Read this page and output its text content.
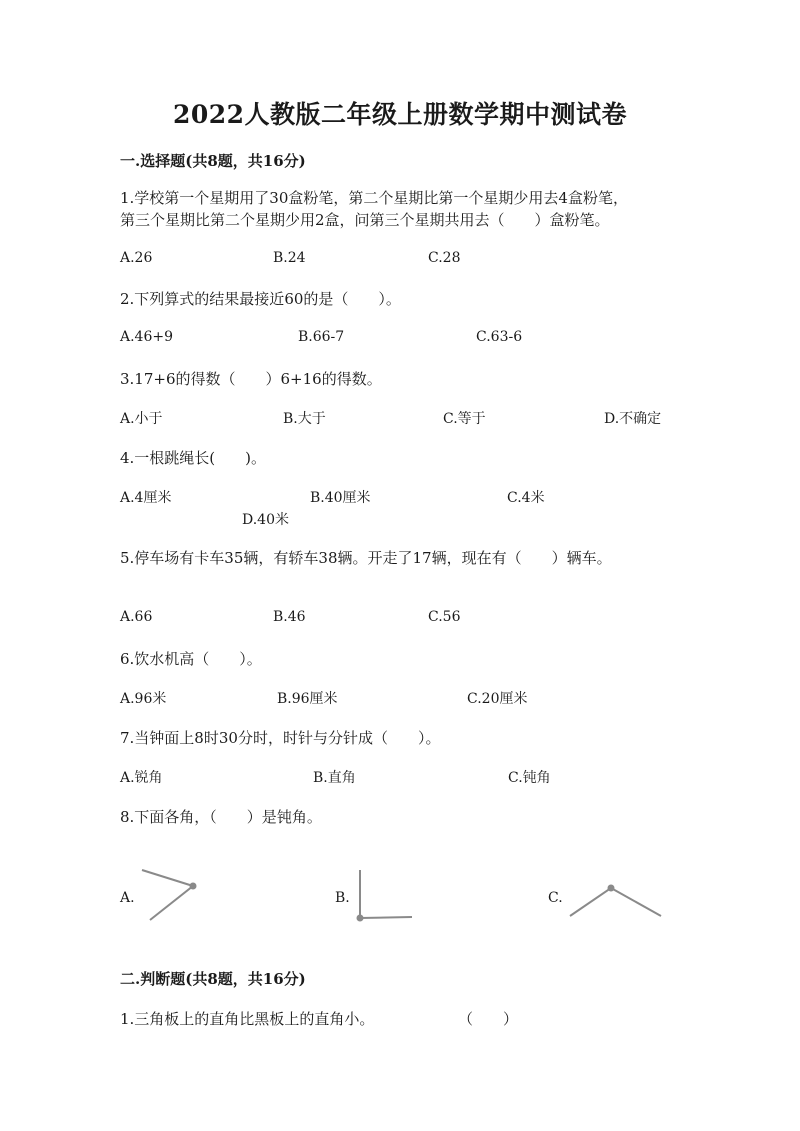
2022人教版二年级上册数学期中测试卷
一.选择题(共8题，共16分)
1.学校第一个星期用了30盒粉笔，第二个星期比第一个星期少用去4盒粉笔，
第三个星期比第二个星期少用2盒，问第三个星期共用去（　　）盒粉笔。
A.26	B.24	C.28
2.下列算式的结果最接近60的是（　　）。
A.46+9	B.66-7	C.63-6
3.17+6的得数（　　）6+16的得数。
A.小于	B.大于	C.等于	D.不确定
4.一根跳绳长(　　)。
A.4厘米	B.40厘米	C.4米
D.40米
5.停车场有卡车35辆，有轿车38辆。开走了17辆，现在有（　　）辆车。
A.66	B.46	C.56
6.饮水机高（　　）。
A.96米	B.96厘米	C.20厘米
7.当钟面上8时30分时，时针与分针成（　　）。
A.锐角	B.直角	C.钝角
8.下面各角，（　　）是钝角。
A.	B.	C.
二.判断题(共8题，共16分)
1.三角板上的直角比黑板上的直角小。	（　　）
